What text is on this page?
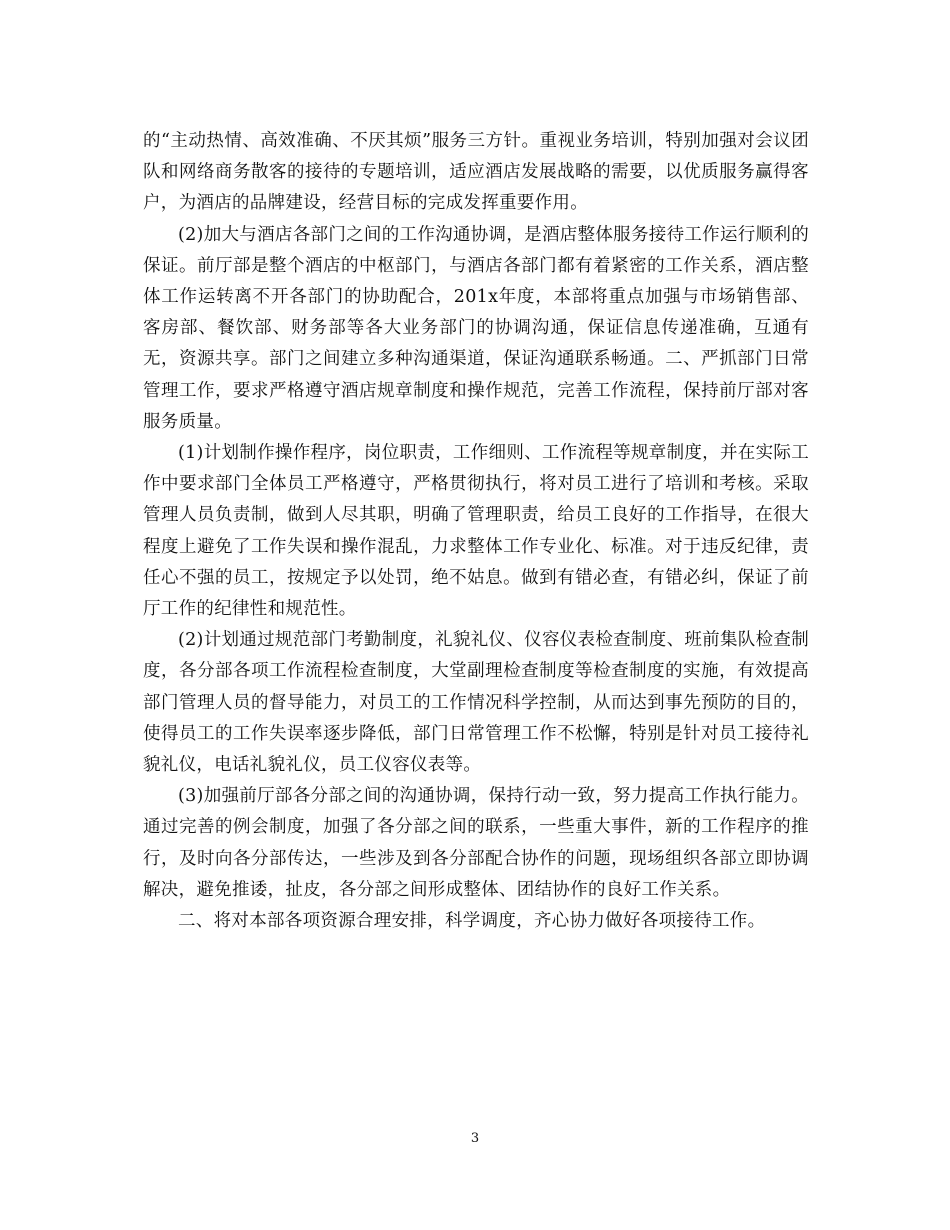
的“主动热情、高效准确、不厌其烦”服务三方针。重视业务培训，特别加强对会议团队和网络商务散客的接待的专题培训，适应酒店发展战略的需要，以优质服务赢得客户，为酒店的品牌建设，经营目标的完成发挥重要作用。

(2)加大与酒店各部门之间的工作沟通协调，是酒店整体服务接待工作运行顺利的保证。前厅部是整个酒店的中枢部门，与酒店各部门都有着紧密的工作关系，酒店整体工作运转离不开各部门的协助配合，201x年度，本部将重点加强与市场销售部、客房部、餐饮部、财务部等各大业务部门的协调沟通，保证信息传递准确，互通有无，资源共享。部门之间建立多种沟通渠道，保证沟通联系畅通。二、严抓部门日常管理工作，要求严格遵守酒店规章制度和操作规范，完善工作流程，保持前厅部对客服务质量。

(1)计划制作操作程序，岗位职责，工作细则、工作流程等规章制度，并在实际工作中要求部门全体员工严格遵守，严格贯彻执行，将对员工进行了培训和考核。采取管理人员负责制，做到人尽其职，明确了管理职责，给员工良好的工作指导，在很大程度上避免了工作失误和操作混乱，力求整体工作专业化、标准。对于违反纪律，责任心不强的员工，按规定予以处罚，绝不姑息。做到有错必查，有错必纠，保证了前厅工作的纪律性和规范性。

(2)计划通过规范部门考勤制度，礼貌礼仪、仪容仪表检查制度、班前集队检查制度，各分部各项工作流程检查制度，大堂副理检查制度等检查制度的实施，有效提高部门管理人员的督导能力，对员工的工作情况科学控制，从而达到事先预防的目的，使得员工的工作失误率逐步降低，部门日常管理工作不松懈，特别是针对员工接待礼貌礼仪，电话礼貌礼仪，员工仪容仪表等。

(3)加强前厅部各分部之间的沟通协调，保持行动一致，努力提高工作执行能力。通过完善的例会制度，加强了各分部之间的联系，一些重大事件，新的工作程序的推行，及时向各分部传达，一些涉及到各分部配合协作的问题，现场组织各部立即协调解决，避免推诿，扯皮，各分部之间形成整体、团结协作的良好工作关系。

二、将对本部各项资源合理安排，科学调度，齐心协力做好各项接待工作。

3
